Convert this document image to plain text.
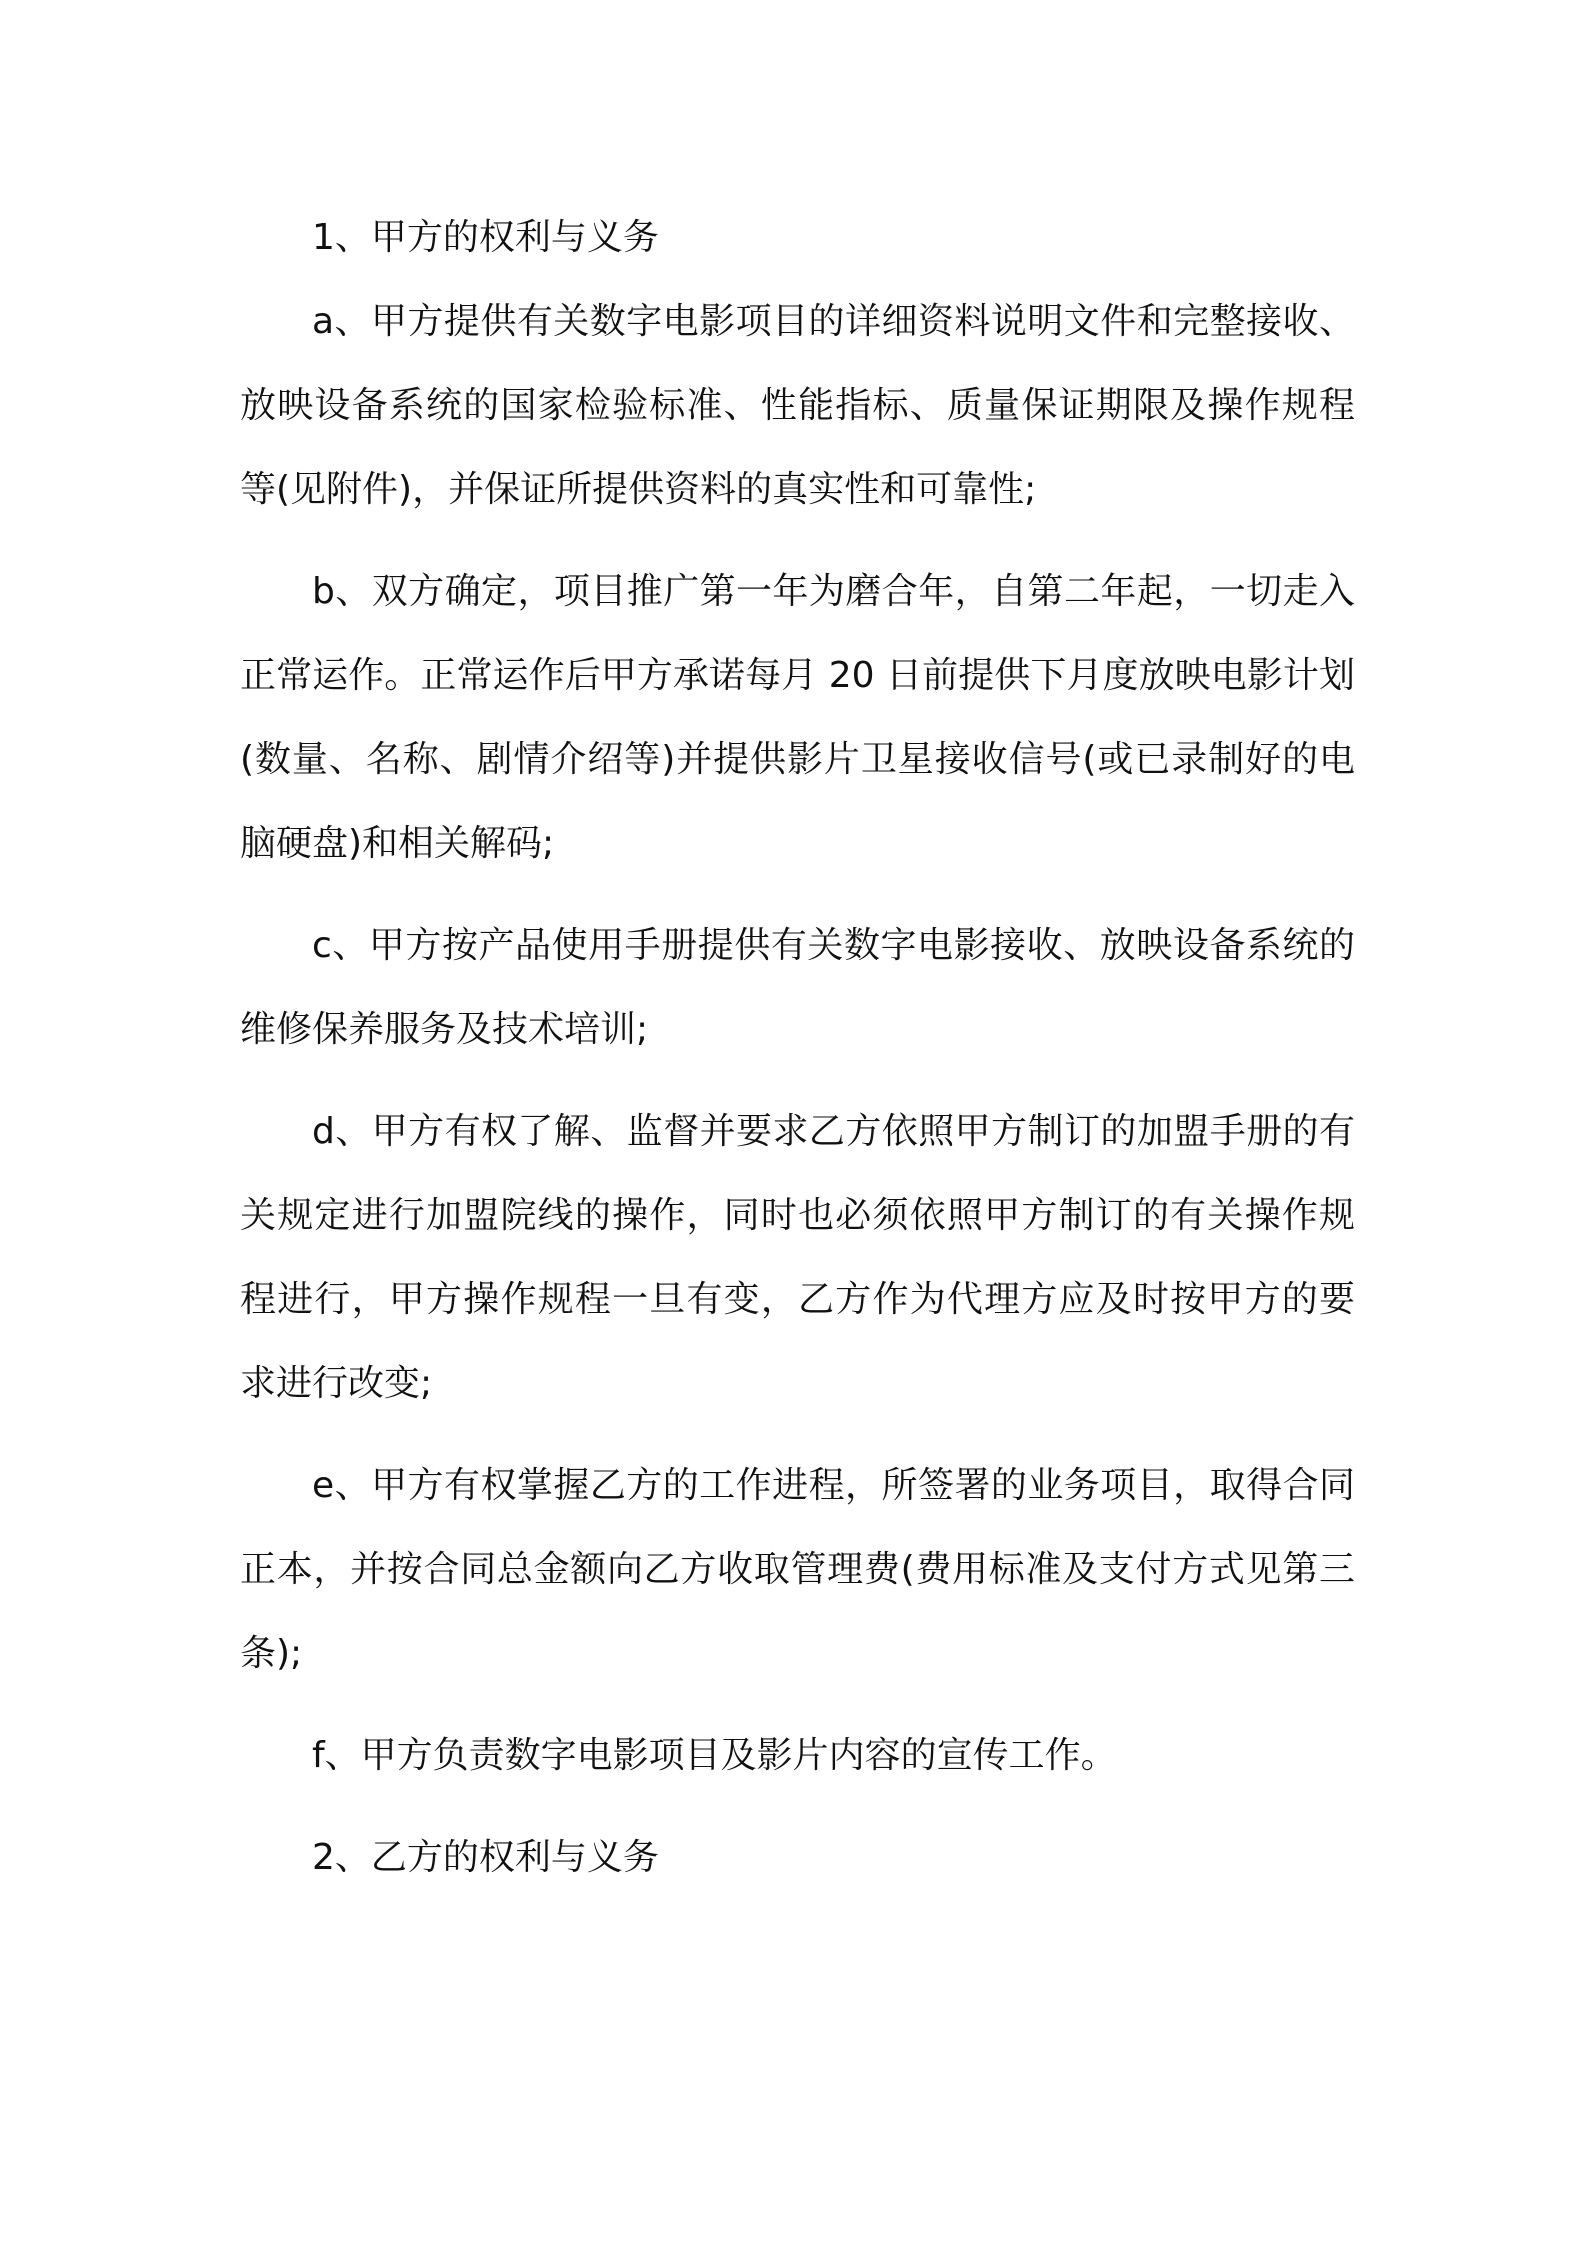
1、甲方的权利与义务

a、甲方提供有关数字电影项目的详细资料说明文件和完整接收、放映设备系统的国家检验标准、性能指标、质量保证期限及操作规程等(见附件)，并保证所提供资料的真实性和可靠性;

b、双方确定，项目推广第一年为磨合年，自第二年起，一切走入正常运作。正常运作后甲方承诺每月 20 日前提供下月度放映电影计划(数量、名称、剧情介绍等)并提供影片卫星接收信号(或已录制好的电脑硬盘)和相关解码;

c、甲方按产品使用手册提供有关数字电影接收、放映设备系统的维修保养服务及技术培训;

d、甲方有权了解、监督并要求乙方依照甲方制订的加盟手册的有关规定进行加盟院线的操作，同时也必须依照甲方制订的有关操作规程进行，甲方操作规程一旦有变，乙方作为代理方应及时按甲方的要求进行改变;

e、甲方有权掌握乙方的工作进程，所签署的业务项目，取得合同正本，并按合同总金额向乙方收取管理费(费用标准及支付方式见第三条);

f、甲方负责数字电影项目及影片内容的宣传工作。

2、乙方的权利与义务
